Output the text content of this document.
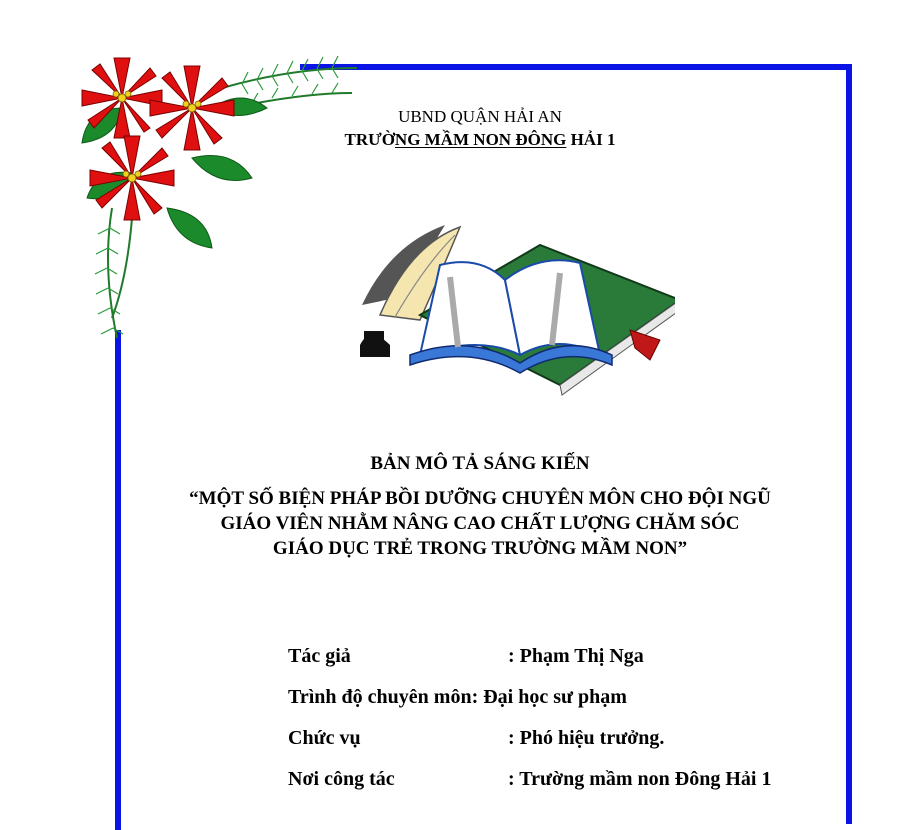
UBND QUẬN HẢI AN
TRƯỜNG MẦM NON ĐÔNG HẢI 1
BẢN MÔ TẢ SÁNG KIẾN
“MỘT SỐ BIỆN PHÁP BỒI DƯỠNG CHUYÊN MÔN CHO ĐỘI NGŨ
GIÁO VIÊN NHẰM NÂNG CAO CHẤT LƯỢNG CHĂM SÓC
GIÁO DỤC TRẺ TRONG TRƯỜNG MẦM NON”
Tác giả	: Phạm Thị Nga
Trình độ chuyên môn: Đại học sư phạm
Chức vụ	: Phó hiệu trưởng.
Nơi công tác	: Trường mầm non Đông Hải 1
